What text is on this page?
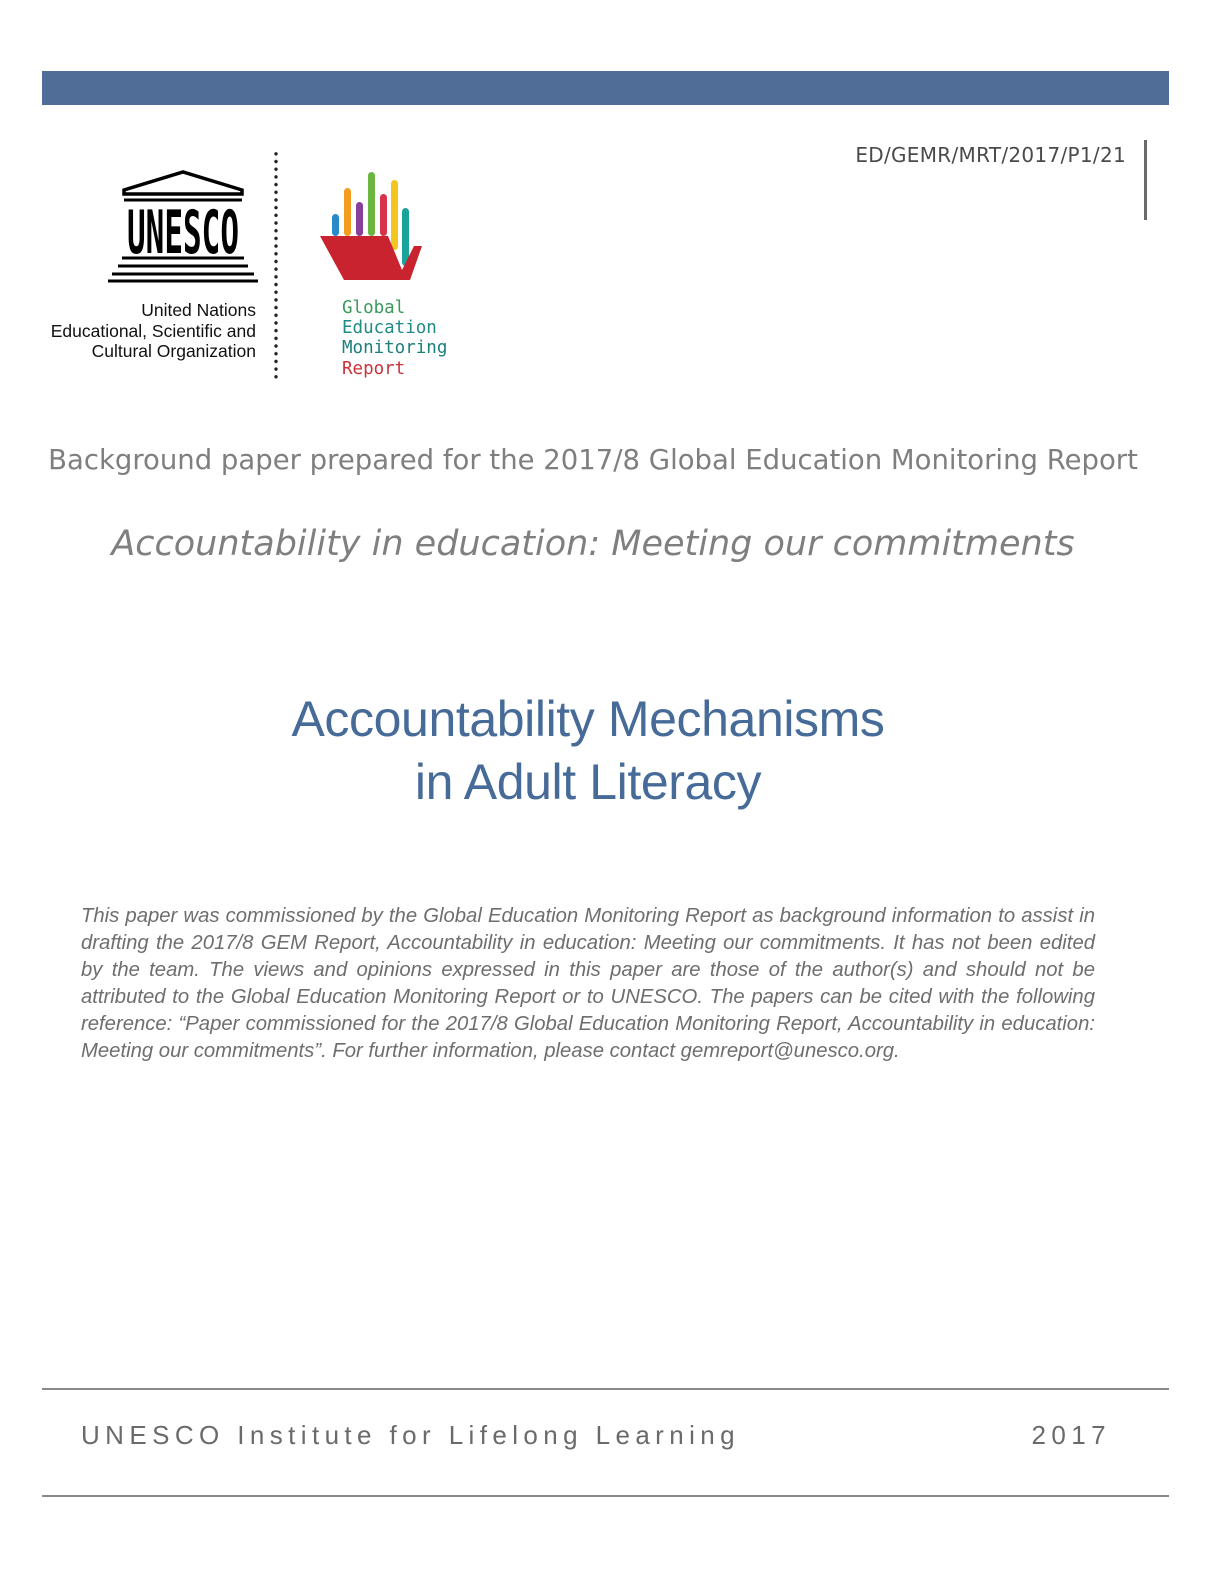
ED/GEMR/MRT/2017/P1/21
UNESCO
United Nations
Educational, Scientific and
Cultural Organization
Global
Education
Monitoring
Report
Background paper prepared for the 2017/8 Global Education Monitoring Report
Accountability in education: Meeting our commitments
Accountability Mechanisms
in Adult Literacy
This paper was commissioned by the Global Education Monitoring Report as background information to assist in drafting the 2017/8 GEM Report, Accountability in education: Meeting our commitments. It has not been edited by the team. The views and opinions expressed in this paper are those of the author(s) and should not be attributed to the Global Education Monitoring Report or to UNESCO. The papers can be cited with the following reference: “Paper commissioned for the 2017/8 Global Education Monitoring Report, Accountability in education: Meeting our commitments”. For further information, please contact gemreport@unesco.org.
UNESCO Institute for Lifelong Learning	2017
